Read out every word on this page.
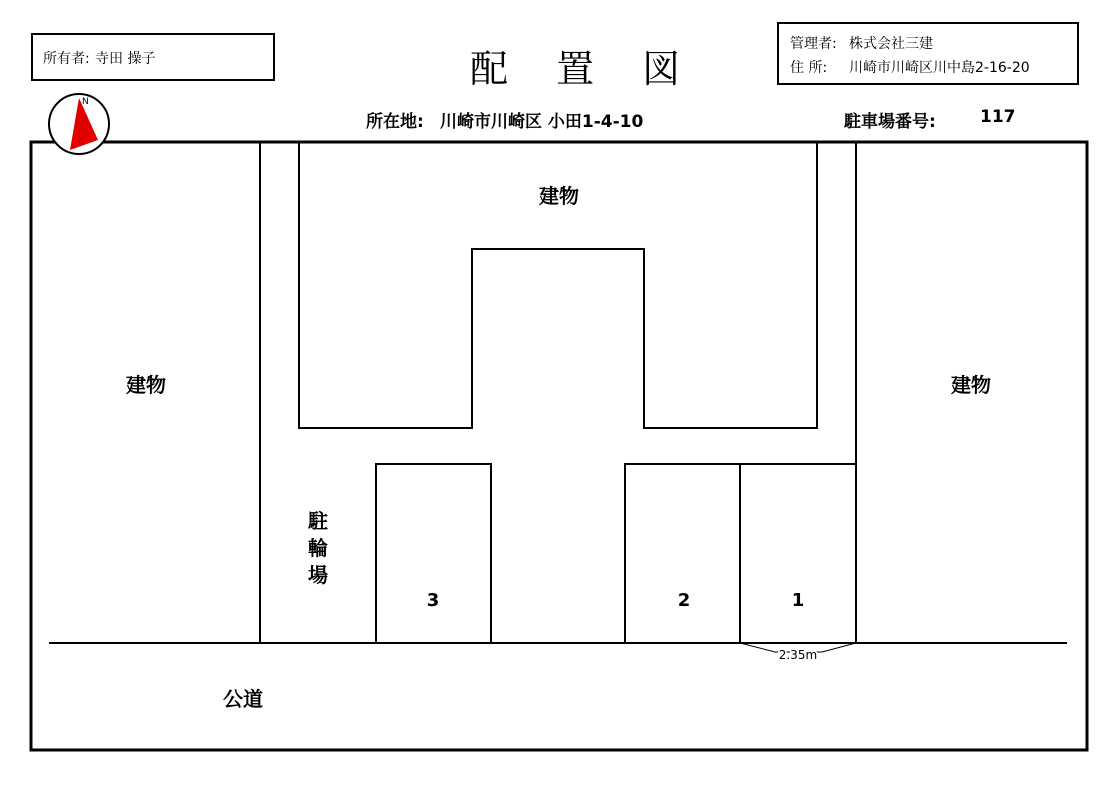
所有者: 寺田 操子	配 置 図
管理者: 株式会社三建
住 所: 川崎市川崎区川中島2-16-20
所在地: 川崎市川崎区 小田1-4-10	駐車場番号:	117
N
建物
建物	建物
駐
輪
場
3	2	1
公道
2.35m
